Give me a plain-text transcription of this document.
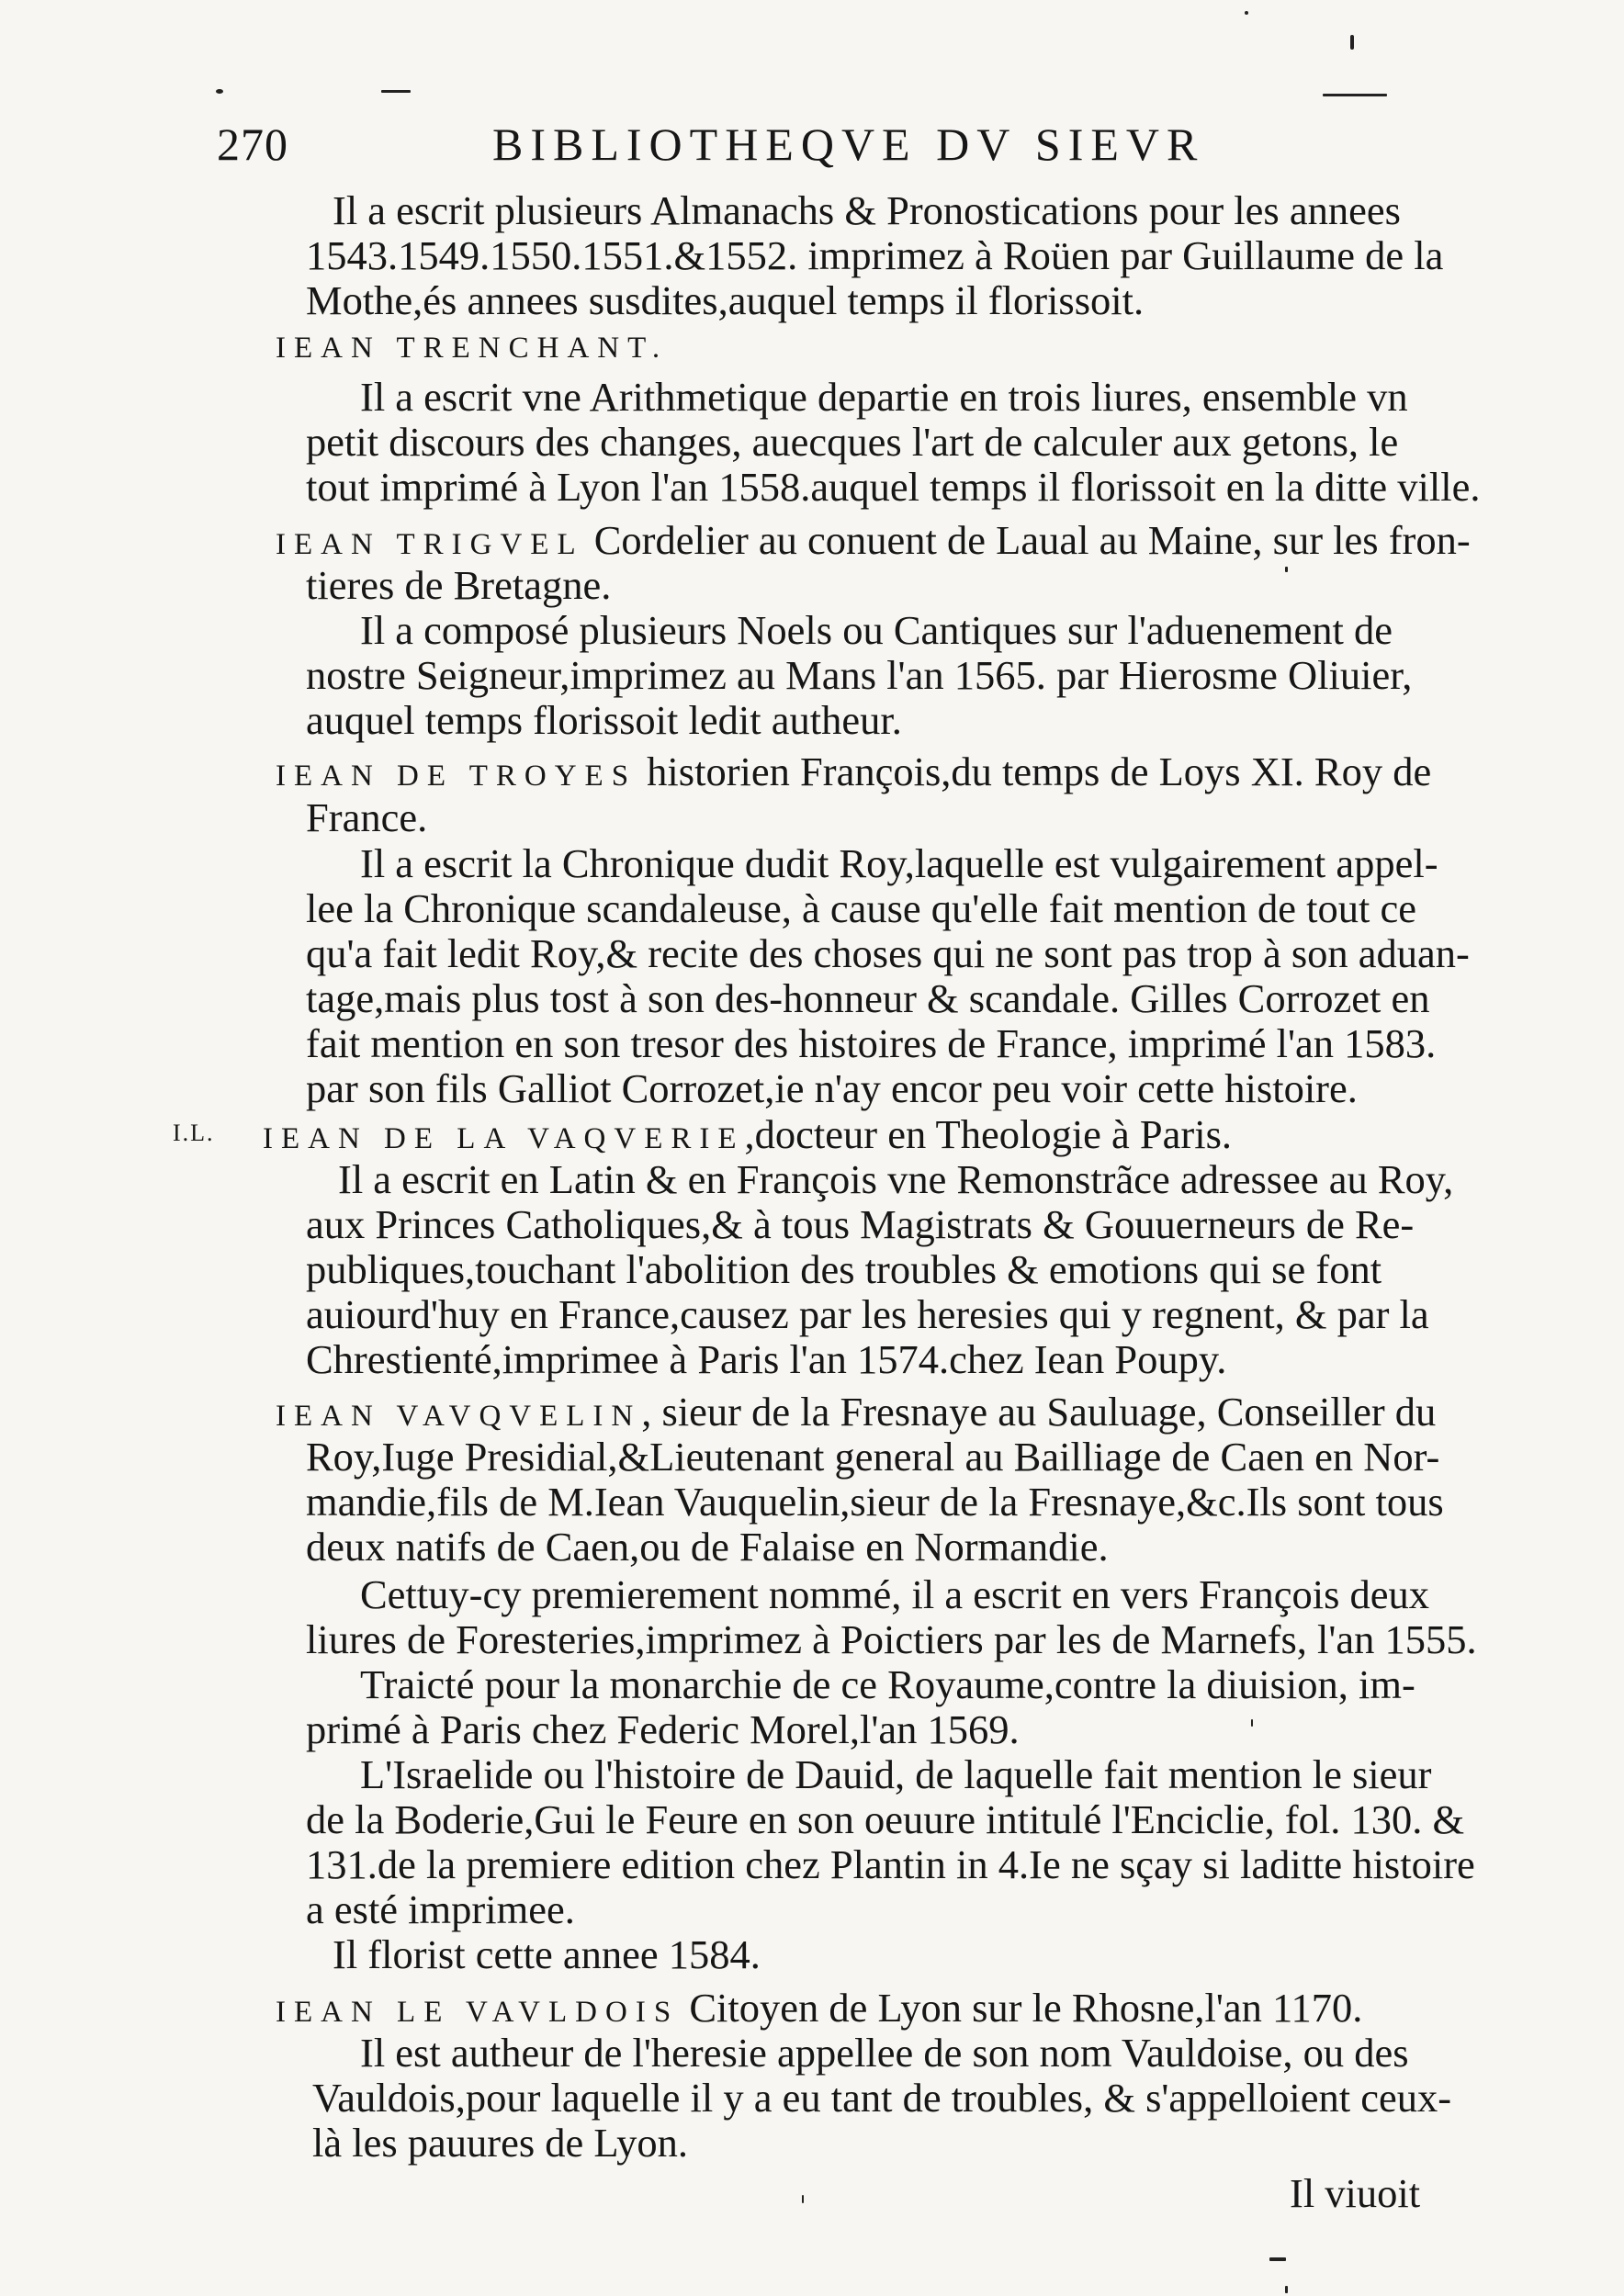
270	BIBLIOTHEQVE DV SIEVR
Il a escrit plusieurs Almanachs & Pronostications pour les annees
1543.1549.1550.1551.&1552. imprimez à Roüen par Guillaume de la
Mothe,és annees susdites,auquel temps il florissoit.
IEAN TRENCHANT.
Il a escrit vne Arithmetique departie en trois liures, ensemble vn
petit discours des changes, auecques l'art de calculer aux getons, le
tout imprimé à Lyon l'an 1558.auquel temps il florissoit en la ditte ville.
IEAN TRIGVEL Cordelier au conuent de Laual au Maine, sur les fron-
tieres de Bretagne.
Il a composé plusieurs Noels ou Cantiques sur l'aduenement de
nostre Seigneur,imprimez au Mans l'an 1565. par Hierosme Oliuier,
auquel temps florissoit ledit autheur.
IEAN DE TROYES historien François,du temps de Loys XI. Roy de
France.
Il a escrit la Chronique dudit Roy,laquelle est vulgairement appel-
lee la Chronique scandaleuse, à cause qu'elle fait mention de tout ce
qu'a fait ledit Roy,& recite des choses qui ne sont pas trop à son aduan-
tage,mais plus tost à son des-honneur & scandale. Gilles Corrozet en
fait mention en son tresor des histoires de France, imprimé l'an 1583.
par son fils Galliot Corrozet,ie n'ay encor peu voir cette histoire.
I.L. IEAN DE LA VAQVERIE,docteur en Theologie à Paris.
Il a escrit en Latin & en François vne Remonstrãce adressee au Roy,
aux Princes Catholiques,& à tous Magistrats & Gouuerneurs de Re-
publiques,touchant l'abolition des troubles & emotions qui se font
auiourd'huy en France,causez par les heresies qui y regnent, & par la
Chrestienté,imprimee à Paris l'an 1574.chez Iean Poupy.
IEAN VAVQVELIN, sieur de la Fresnaye au Sauluage, Conseiller du
Roy,Iuge Presidial,&Lieutenant general au Bailliage de Caen en Nor-
mandie,fils de M.Iean Vauquelin,sieur de la Fresnaye,&c.Ils sont tous
deux natifs de Caen,ou de Falaise en Normandie.
Cettuy-cy premierement nommé, il a escrit en vers François deux
liures de Foresteries,imprimez à Poictiers par les de Marnefs, l'an 1555.
Traicté pour la monarchie de ce Royaume,contre la diuision, im-
primé à Paris chez Federic Morel,l'an 1569.
L'Israelide ou l'histoire de Dauid, de laquelle fait mention le sieur
de la Boderie,Gui le Feure en son oeuure intitulé l'Enciclie, fol. 130. &
131.de la premiere edition chez Plantin in 4.Ie ne sçay si laditte histoire
a esté imprimee.
Il florist cette annee 1584.
IEAN LE VAVLDOIS Citoyen de Lyon sur le Rhosne,l'an 1170.
Il est autheur de l'heresie appellee de son nom Vauldoise, ou des
Vauldois,pour laquelle il y a eu tant de troubles, & s'appelloient ceux-
là les pauures de Lyon.
Il viuoit
